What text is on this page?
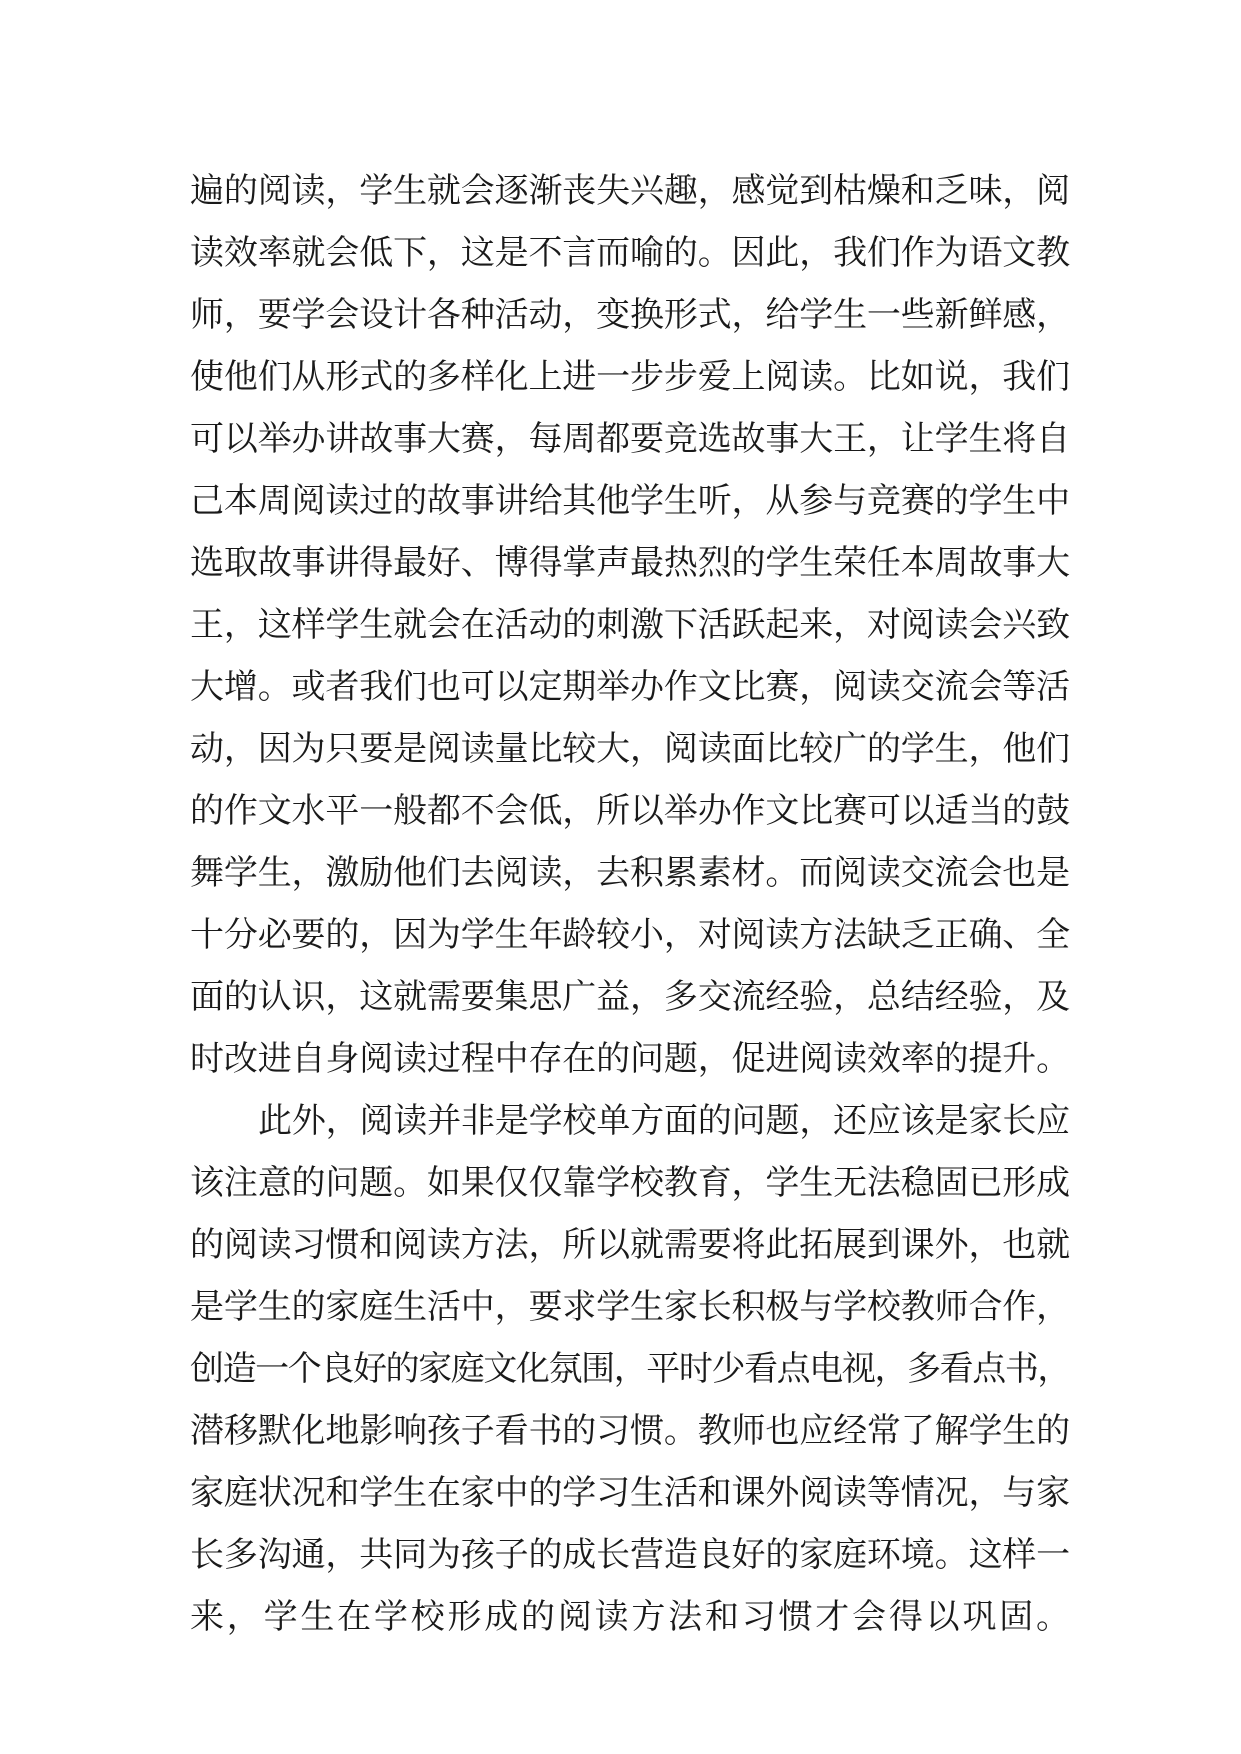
遍的阅读，学生就会逐渐丧失兴趣，感觉到枯燥和乏味，阅
读效率就会低下，这是不言而喻的。因此，我们作为语文教
师，要学会设计各种活动，变换形式，给学生一些新鲜感，
使他们从形式的多样化上进一步步爱上阅读。比如说，我们
可以举办讲故事大赛，每周都要竞选故事大王，让学生将自
己本周阅读过的故事讲给其他学生听，从参与竞赛的学生中
选取故事讲得最好、博得掌声最热烈的学生荣任本周故事大
王，这样学生就会在活动的刺激下活跃起来，对阅读会兴致
大增。或者我们也可以定期举办作文比赛，阅读交流会等活
动，因为只要是阅读量比较大，阅读面比较广的学生，他们
的作文水平一般都不会低，所以举办作文比赛可以适当的鼓
舞学生，激励他们去阅读，去积累素材。而阅读交流会也是
十分必要的，因为学生年龄较小，对阅读方法缺乏正确、全
面的认识，这就需要集思广益，多交流经验，总结经验，及
时改进自身阅读过程中存在的问题，促进阅读效率的提升。
此外，阅读并非是学校单方面的问题，还应该是家长应
该注意的问题。如果仅仅靠学校教育，学生无法稳固已形成
的阅读习惯和阅读方法，所以就需要将此拓展到课外，也就
是学生的家庭生活中，要求学生家长积极与学校教师合作，
创造一个良好的家庭文化氛围，平时少看点电视，多看点书，
潜移默化地影响孩子看书的习惯。教师也应经常了解学生的
家庭状况和学生在家中的学习生活和课外阅读等情况，与家
长多沟通，共同为孩子的成长营造良好的家庭环境。这样一
来，学生在学校形成的阅读方法和习惯才会得以巩固。
